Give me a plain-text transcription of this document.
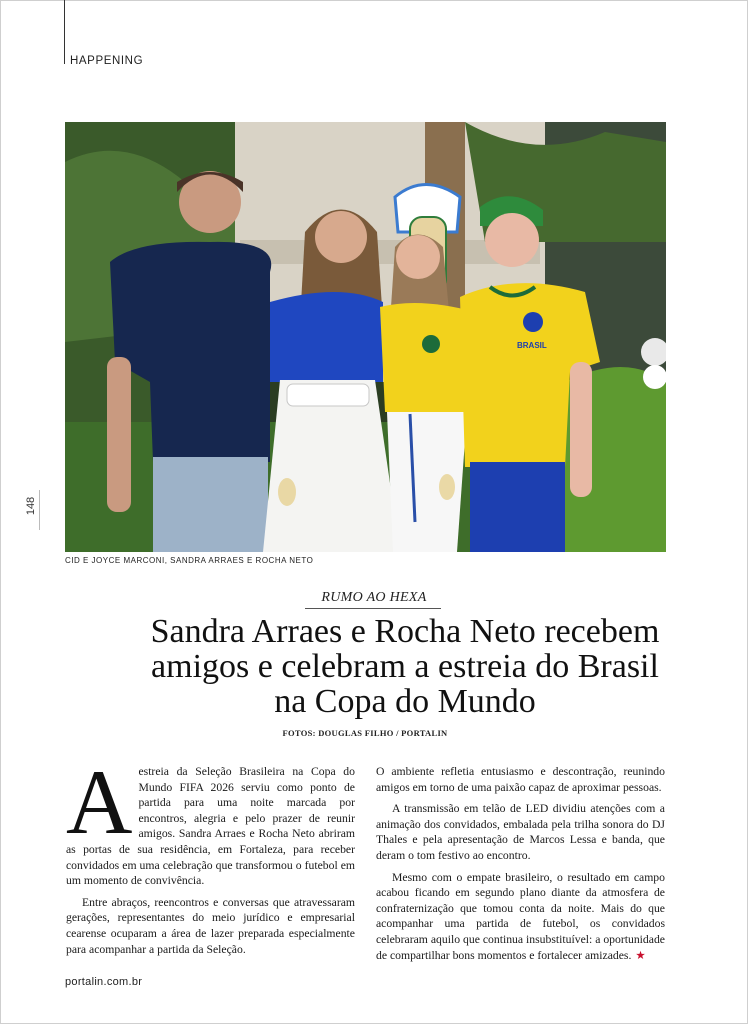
HAPPENING
148
BRASIL
CID E JOYCE MARCONI, SANDRA ARRAES E ROCHA NETO
RUMO AO HEXA
Sandra Arraes e Rocha Neto recebem
amigos e celebram a estreia do Brasil
na Copa do Mundo
FOTOS: DOUGLAS FILHO / PORTALIN

Aestreia da Seleção Brasileira na Copa do Mundo FIFA 2026 serviu como ponto de partida para uma noite marcada por encontros, alegria e pelo prazer de reunir amigos. Sandra Arraes e Rocha Neto abriram as portas de sua residência, em Fortaleza, para receber convidados em uma celebração que transformou o futebol em um momento de convivência.

Entre abraços, reencontros e conversas que atravessaram gerações, representantes do meio jurídico e empresarial cearense ocuparam a área de lazer preparada especialmente para acompanhar a partida da Seleção.

O ambiente refletia entusiasmo e descontração, reunindo amigos em torno de uma paixão capaz de aproximar pessoas.

A transmissão em telão de LED dividiu atenções com a animação dos convidados, embalada pela trilha sonora do DJ Thales e pela apresentação de Marcos Lessa e banda, que deram o tom festivo ao encontro.

Mesmo com o empate brasileiro, o resultado em campo acabou ficando em segundo plano diante da atmosfera de confraternização que tomou conta da noite. Mais do que acompanhar uma partida de futebol, os convidados celebraram aquilo que continua insubstituível: a oportunidade de compartilhar bons momentos e fortalecer amizades. ★

portalin.com.br
